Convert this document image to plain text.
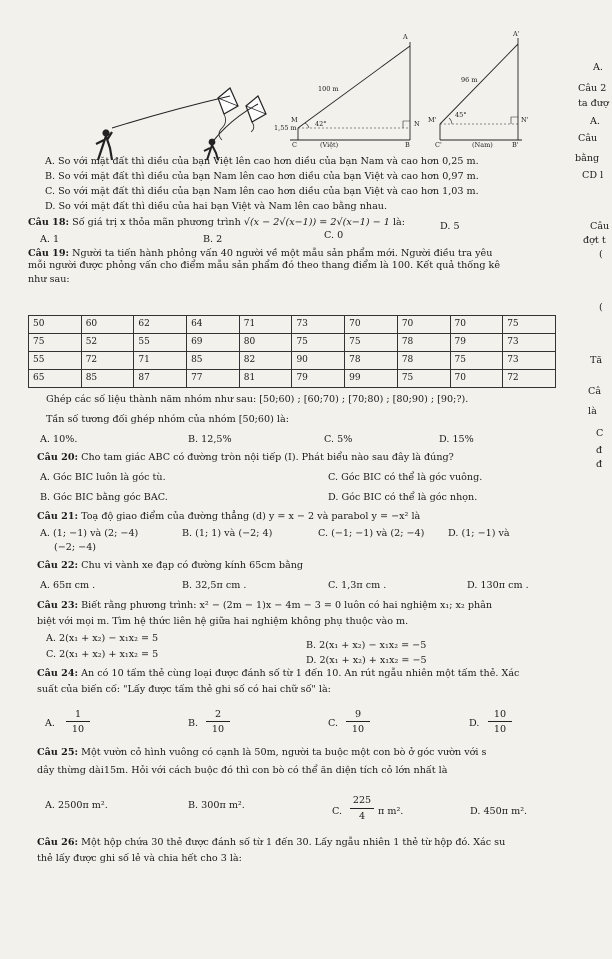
100 m
42°
1,55 m
M	N
C	(Việt)	B
A
96 m
45°
M'	N'
C'	(Nam)	B'
A'
A.
Câu 2
ta đượ
A.
Câu
bằng
CD l
Câu
đợt t
(
(
Tă
Câ
là
C
đ
đ
A. So với mặt đất thì diều của bạn Việt lên cao hơn diều của bạn Nam và cao hơn 0,25 m.
B. So với mặt đất thì diều của bạn Nam lên cao hơn diều của bạn Việt và cao hơn 0,97 m.
C. So với mặt đất thì diều của bạn Nam lên cao hơn diều của bạn Việt và cao hơn 1,03 m.
D. So với mặt đất thì diều của hai bạn Việt và Nam lên cao bằng nhau.
Câu 18: Số giá trị x thỏa mãn phương trình √(x − 2√(x−1)) = 2√(x−1) − 1 là:
A. 1	B. 2	C. 0
D. 5
Câu 19: Người ta tiến hành phỏng vấn 40 người về một mẫu sản phẩm mới. Người điều tra yêu
mỗi người được phỏng vấn cho điểm mẫu sản phẩm đó theo thang điểm là 100. Kết quả thống kê
như sau:
50	60	62	64	71	73	70	70	70	75
75	52	55	69	80	75	75	78	79	73
55	72	71	85	82	90	78	78	75	73
65	85	87	77	81	79	99	75	70	72
Ghép các số liệu thành năm nhóm như sau: [50;60) ; [60;70) ; [70;80) ; [80;90) ; [90;?).
Tần số tương đối ghép nhóm của nhóm [50;60) là:
A. 10%.	B. 12,5%	C. 5%	D. 15%
Câu 20: Cho tam giác ABC có đường tròn nội tiếp (I). Phát biểu nào sau đây là đúng?
A. Góc BIC luôn là góc tù.	C. Góc BIC có thể là góc vuông.
B. Góc BIC bằng góc BAC.	D. Góc BIC có thể là góc nhọn.
Câu 21: Toạ độ giao điểm của đường thẳng (d) y = x − 2 và parabol y = −x² là
A. (1; −1) và (2; −4)	B. (1; 1) và (−2; 4)	C. (−1; −1) và (2; −4) D. (1; −1) và
(−2; −4)
Câu 22: Chu vi vành xe đạp có đường kính 65cm bằng
A. 65π cm .	B. 32,5π cm .	C. 1,3π cm .	D. 130π cm .
Câu 23: Biết rằng phương trình: x² − (2m − 1)x − 4m − 3 = 0 luôn có hai nghiệm x₁; x₂ phân
biệt với mọi m. Tìm hệ thức liên hệ giữa hai nghiệm không phụ thuộc vào m.
A. 2(x₁ + x₂) − x₁x₂ = 5
B. 2(x₁ + x₂) − x₁x₂ = −5
C. 2(x₁ + x₂) + x₁x₂ = 5
D. 2(x₁ + x₂) + x₁x₂ = −5
Câu 24: An có 10 tấm thẻ cùng loại được đánh số từ 1 đến 10. An rút ngẫu nhiên một tấm thẻ. Xác
suất của biến cố: "Lấy được tấm thẻ ghi số có hai chữ số" là:
A.
1
10
B.
2
10
C.
9
10
D.
10
10
Câu 25: Một vườn cỏ hình vuông có cạnh là 50m, người ta buộc một con bò ở góc vườn với s
dây thừng dài15m. Hỏi với cách buộc đó thì con bò có thể ăn diện tích cỏ lớn nhất là
A. 2500π m².	B. 300π m².
C.
225
4	π m².	D. 450π m².
Câu 26: Một hộp chứa 30 thẻ được đánh số từ 1 đến 30. Lấy ngẫu nhiên 1 thẻ từ hộp đó. Xác su
thẻ lấy được ghi số lẻ và chia hết cho 3 là:
